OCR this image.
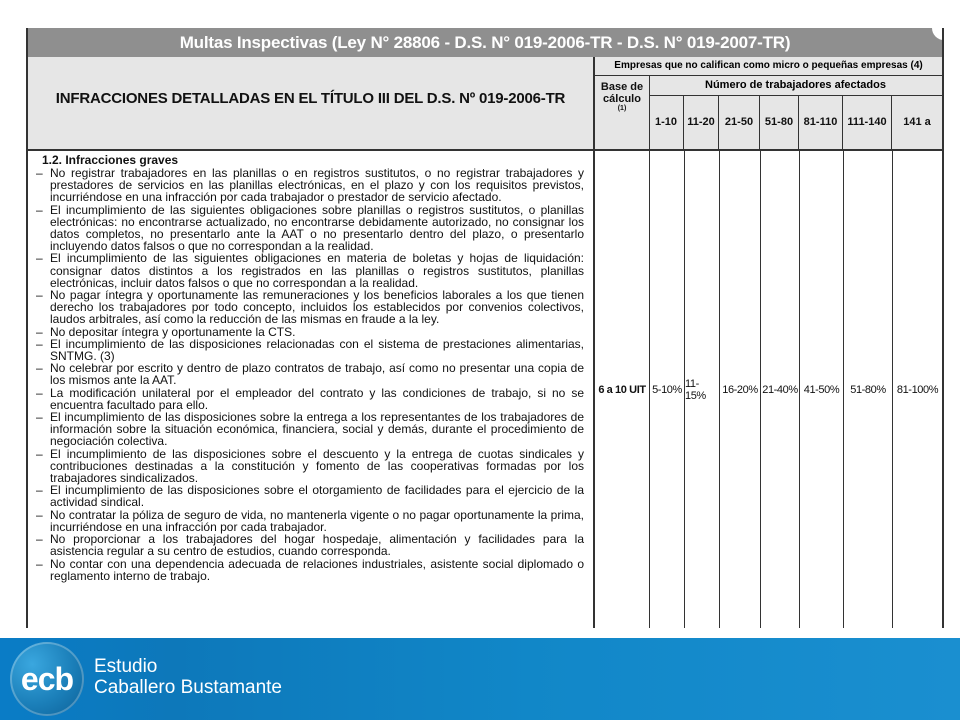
Multas Inspectivas (Ley N° 28806 - D.S. N° 019-2006-TR - D.S. N° 019-2007-TR)
INFRACCIONES DETALLADAS EN EL TÍTULO III DEL D.S. Nº 019-2006-TR
Empresas que no califican como micro o pequeñas empresas (4)
Base de
cálculo
(1)
Número de trabajadores afectados
1-10 11-20 21-50	51-80 81-110 111-140	141 a
1.2. Infracciones graves
– No registrar trabajadores en las planillas o en registros sustitutos, o no registrar trabajadores y prestadores de servicios en las planillas electrónicas, en el plazo y con los requisitos previstos, incurriéndose en una infracción por cada trabajador o prestador de servicio afectado.
– El incumplimiento de las siguientes obligaciones sobre planillas o registros sustitutos, o planillas electrónicas: no encontrarse actualizado, no encontrarse debidamente autorizado, no consignar los datos completos, no presentarlo ante la AAT o no presentarlo dentro del plazo, o presentarlo incluyendo datos falsos o que no correspondan a la realidad.
– El incumplimiento de las siguientes obligaciones en materia de boletas y hojas de liquidación: consignar datos distintos a los registrados en las planillas o registros sustitutos, planillas electrónicas, incluir datos falsos o que no correspondan a la realidad.
– No pagar íntegra y oportunamente las remuneraciones y los beneficios laborales a los que tienen derecho los trabajadores por todo concepto, incluidos los establecidos por convenios colectivos, laudos arbitrales, así como la reducción de las mismas en fraude a la ley.
– No depositar íntegra y oportunamente la CTS.
– El incumplimiento de las disposiciones relacionadas con el sistema de prestaciones alimentarias, SNTMG. (3)
– No celebrar por escrito y dentro de plazo contratos de trabajo, así como no presentar una copia de los mismos ante la AAT.
– La modificación unilateral por el empleador del contrato y las condiciones de trabajo, si no se encuentra facultado para ello.
– El incumplimiento de las disposiciones sobre la entrega a los representantes de los trabajadores de información sobre la situación económica, financiera, social y demás, durante el procedimiento de negociación colectiva.
– El incumplimiento de las disposiciones sobre el descuento y la entrega de cuotas sindicales y contribuciones destinadas a la constitución y fomento de las cooperativas formadas por los trabajadores sindicalizados.
– El incumplimiento de las disposiciones sobre el otorgamiento de facilidades para el ejercicio de la actividad sindical.
– No contratar la póliza de seguro de vida, no mantenerla vigente o no pagar oportunamente la prima, incurriéndose en una infracción por cada trabajador.
– No proporcionar a los trabajadores del hogar hospedaje, alimentación y facilidades para la asistencia regular a su centro de estudios, cuando corresponda.
– No contar con una dependencia adecuada de relaciones industriales, asistente social diplomado o reglamento interno de trabajo.
6 a 10 UIT 5-10% 11-15%	16-20% 21-40% 41-50% 51-80%	81-100%
ecb	Estudio
Caballero Bustamante
